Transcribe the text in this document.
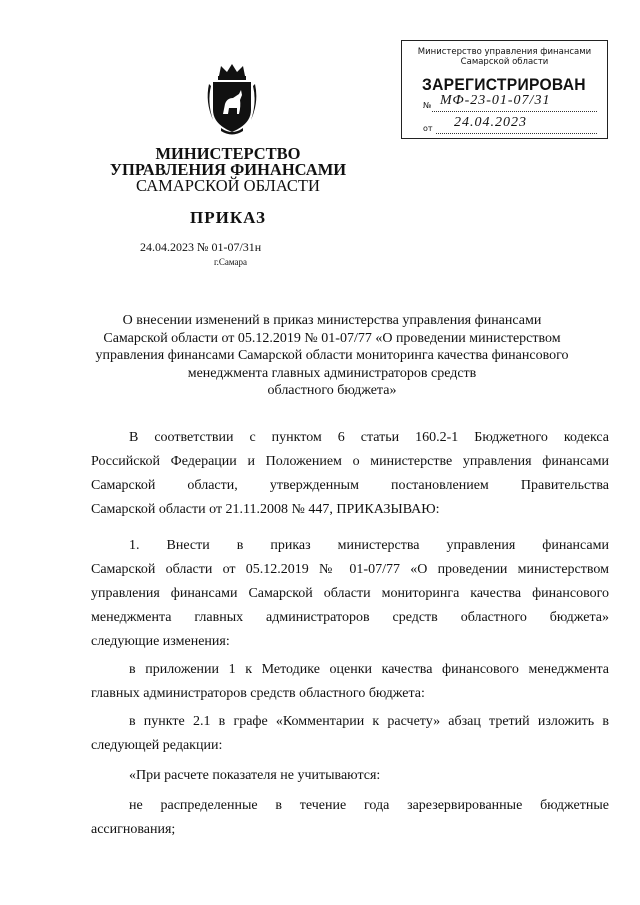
МИНИСТЕРСТВО
УПРАВЛЕНИЯ ФИНАНСАМИ
САМАРСКОЙ ОБЛАСТИ
ПРИКАЗ
24.04.2023 № 01-07/31н
г.Самара
Министерство управления финансами
Самарской области
ЗАРЕГИСТРИРОВАН
№ МФ-23-01-07/31
от 24.04.2023
О внесении изменений в приказ министерства управления финансами
Самарской области от 05.12.2019 № 01-07/77 «О проведении министерством
управления финансами Самарской области мониторинга качества финансового
менеджмента главных администраторов средств
областного бюджета»
В соответствии с пунктом 6 статьи 160.2-1 Бюджетного кодекса
Российской Федерации и Положением о министерстве управления финансами
Самарской области, утвержденным постановлением Правительства
Самарской области от 21.11.2008 № 447, ПРИКАЗЫВАЮ:
1. Внести в приказ министерства управления финансами
Самарской области от 05.12.2019 № 01-07/77 «О проведении министерством
управления финансами Самарской области мониторинга качества финансового
менеджмента главных администраторов средств областного бюджета»
следующие изменения:
в приложении 1 к Методике оценки качества финансового менеджмента
главных администраторов средств областного бюджета:
в пункте 2.1 в графе «Комментарии к расчету» абзац третий изложить в
следующей редакции:
«При расчете показателя не учитываются:
не распределенные в течение года зарезервированные бюджетные
ассигнования;
